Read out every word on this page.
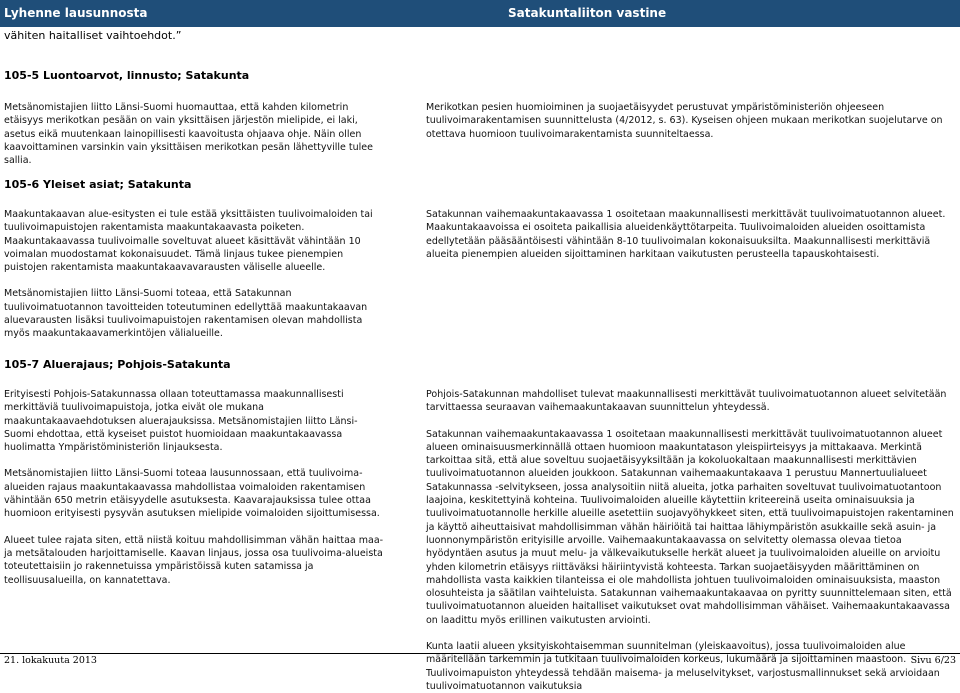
Lyhenne lausunnosta	Satakuntaliiton vastine
vähiten haitalliset vaihtoehdot.”
105-5 Luontoarvot, linnusto; Satakunta

Metsänomistajien liitto Länsi-Suomi huomauttaa, että kahden kilometrin etäisyys merikotkan pesään on vain yksittäisen järjestön mielipide, ei laki, asetus eikä muutenkaan lainopillisesti kaavoitusta ohjaava ohje. Näin ollen kaavoittaminen varsinkin vain yksittäisen merikotkan pesän lähettyville tulee sallia.

Merikotkan pesien huomioiminen ja suojaetäisyydet perustuvat ympäristöministeriön ohjeeseen tuulivoimarakentamisen suunnittelusta (4/2012, s. 63). Kyseisen ohjeen mukaan merikotkan suojelutarve on otettava huomioon tuulivoimarakentamista suunniteltaessa.

105-6 Yleiset asiat; Satakunta

Maakuntakaavan alue-esitysten ei tule estää yksittäisten tuulivoimaloiden tai tuulivoimapuistojen rakentamista maakuntakaavasta poiketen. Maakuntakaavassa tuulivoimalle soveltuvat alueet käsittävät vähintään 10 voimalan muodostamat kokonaisuudet. Tämä linjaus tukee pienempien puistojen rakentamista maakuntakaavavarausten väliselle alueelle.

Metsänomistajien liitto Länsi-Suomi toteaa, että Satakunnan tuulivoimatuotannon tavoitteiden toteutuminen edellyttää maakuntakaavan aluevarausten lisäksi tuulivoimapuistojen rakentamisen olevan mahdollista myös maakuntakaavamerkintöjen välialueille.

Satakunnan vaihemaakuntakaavassa 1 osoitetaan maakunnallisesti merkittävät tuulivoimatuotannon alueet. Maakuntakaavoissa ei osoiteta paikallisia alueidenkäyttötarpeita. Tuulivoimaloiden alueiden osoittamista edellytetään pääsääntöisesti vähintään 8-10 tuulivoimalan kokonaisuuksilta. Maakunnallisesti merkittäviä alueita pienempien alueiden sijoittaminen harkitaan vaikutusten perusteella tapauskohtaisesti.

105-7 Aluerajaus; Pohjois-Satakunta

Erityisesti Pohjois-Satakunnassa ollaan toteuttamassa maakunnallisesti merkittäviä tuulivoimapuistoja, jotka eivät ole mukana maakuntakaavaehdotuksen aluerajauksissa. Metsänomistajien liitto Länsi-Suomi ehdottaa, että kyseiset puistot huomioidaan maakuntakaavassa huolimatta Ympäristöministeriön linjauksesta.

Metsänomistajien liitto Länsi-Suomi toteaa lausunnossaan, että tuulivoima-alueiden rajaus maakuntakaavassa mahdollistaa voimaloiden rakentamisen vähintään 650 metrin etäisyydelle asutuksesta. Kaavarajauksissa tulee ottaa huomioon erityisesti pysyvän asutuksen mielipide voimaloiden sijoittumisessa.

Alueet tulee rajata siten, että niistä koituu mahdollisimman vähän haittaa maa- ja metsätalouden harjoittamiselle. Kaavan linjaus, jossa osa tuulivoima-alueista toteutettaisiin jo rakennetuissa ympäristöissä kuten satamissa ja teollisuusalueilla, on kannatettava.

Pohjois-Satakunnan mahdolliset tulevat maakunnallisesti merkittävät tuulivoimatuotannon alueet selvitetään tarvittaessa seuraavan vaihemaakuntakaavan suunnittelun yhteydessä.

Satakunnan vaihemaakuntakaavassa 1 osoitetaan maakunnallisesti merkittävät tuulivoimatuotannon alueet alueen ominaisuusmerkinnällä ottaen huomioon maakuntatason yleispiirteisyys ja mittakaava. Merkintä tarkoittaa sitä, että alue soveltuu suojaetäisyyksiltään ja kokoluokaltaan maakunnallisesti merkittävien tuulivoimatuotannon alueiden joukkoon. Satakunnan vaihemaakuntakaava 1 perustuu Mannertuulialueet Satakunnassa -selvitykseen, jossa analysoitiin niitä alueita, jotka parhaiten soveltuvat tuulivoimatuotantoon laajoina, keskitettyinä kohteina. Tuulivoimaloiden alueille käytettiin kriteereinä useita ominaisuuksia ja tuulivoimatuotannolle herkille alueille asetettiin suojavyöhykkeet siten, että tuulivoimapuistojen rakentaminen ja käyttö aiheuttaisivat mahdollisimman vähän häiriöitä tai haittaa lähiympäristön asukkaille sekä asuin- ja luonnonympäristön erityisille arvoille. Vaihemaakuntakaavassa on selvitetty olemassa olevaa tietoa hyödyntäen asutus ja muut melu- ja välkevaikutukselle herkät alueet ja tuulivoimaloiden alueille on arvioitu yhden kilometrin etäisyys riittäväksi häiriintyvistä kohteesta. Tarkan suojaetäisyyden määrittäminen on mahdollista vasta kaikkien tilanteissa ei ole mahdollista johtuen tuulivoimaloiden ominaisuuksista, maaston olosuhteista ja säätilan vaihteluista. Satakunnan vaihemaakuntakaavaa on pyritty suunnittelemaan siten, että tuulivoimatuotannon alueiden haitalliset vaikutukset ovat mahdollisimman vähäiset. Vaihemaakuntakaavassa on laadittu myös erillinen vaikutusten arviointi.

Kunta laatii alueen yksityiskohtaisemman suunnitelman (yleiskaavoitus), jossa tuulivoimaloiden alue määritellään tarkemmin ja tutkitaan tuulivoimaloiden korkeus, lukumäärä ja sijoittaminen maastoon. Tuulivoimapuiston yhteydessä tehdään maisema- ja meluselvitykset, varjostusmallinnukset sekä arvioidaan tuulivoimatuotannon vaikutuksia

21. lokakuuta 2013	Sivu 6/23
